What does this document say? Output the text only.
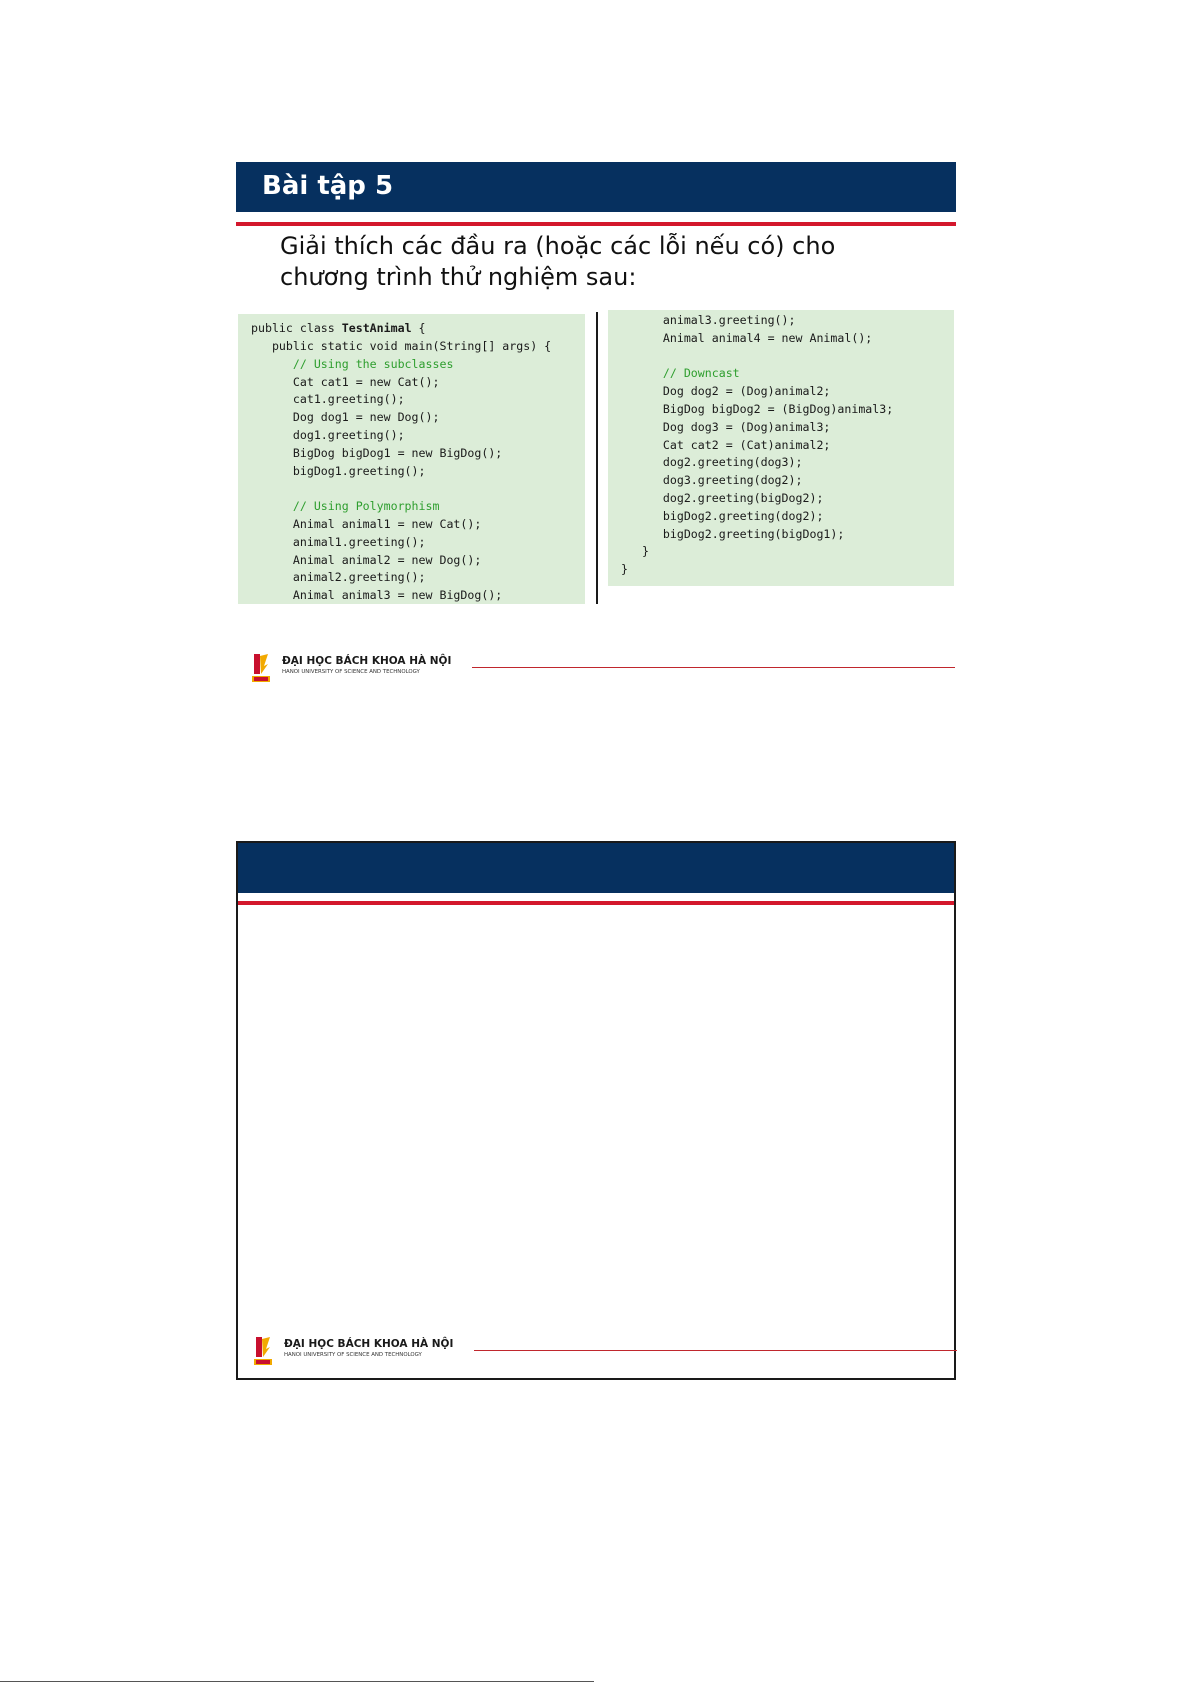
Bài tập 5
Giải thích các đầu ra (hoặc các lỗi nếu có) cho
chương trình thử nghiệm sau:
public class TestAnimal {
public static void main(String[] args) {
// Using the subclasses
Cat cat1 = new Cat();
cat1.greeting();
Dog dog1 = new Dog();
dog1.greeting();
BigDog bigDog1 = new BigDog();
bigDog1.greeting();
// Using Polymorphism
Animal animal1 = new Cat();
animal1.greeting();
Animal animal2 = new Dog();
animal2.greeting();
Animal animal3 = new BigDog();
animal3.greeting();
Animal animal4 = new Animal();
// Downcast
Dog dog2 = (Dog)animal2;
BigDog bigDog2 = (BigDog)animal3;
Dog dog3 = (Dog)animal3;
Cat cat2 = (Cat)animal2;
dog2.greeting(dog3);
dog3.greeting(dog2);
dog2.greeting(bigDog2);
bigDog2.greeting(dog2);
bigDog2.greeting(bigDog1);
}
}
ĐẠI HỌC BÁCH KHOA HÀ NỘI
HANOI UNIVERSITY OF SCIENCE AND TECHNOLOGY
ĐẠI HỌC BÁCH KHOA HÀ NỘI
HANOI UNIVERSITY OF SCIENCE AND TECHNOLOGY
